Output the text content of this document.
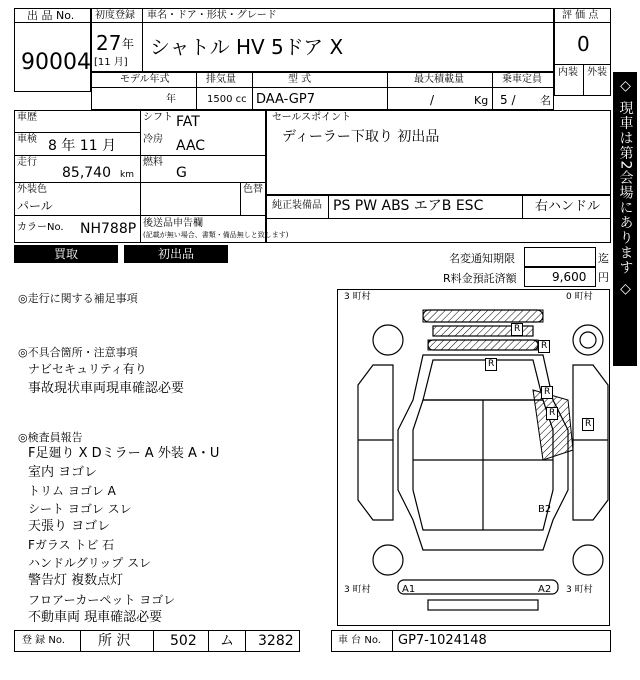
出 品 No.
90004
初度登録 車名・ドア・形状・グレード
27 年
[11 月]
シャトル HV 5ドア X
評 価 点
0
内装 外装
モデル年式	排気量	型 式	最大積載量	乗車定員
年	1500 cc DAA-GP7	/	Kg 5 / 名
車歴	シフト FAT
車検 8 年 11 月	冷房 AAC
走行
85,740 km
燃料
G
外装色
パール
色替
カラーNo. NH788P 後送品申告欄
(記載が無い場合、書類・備品無しと致します)
セールスポイント
ディーラー下取り 初出品
純正装備品 PS PW ABS エアB ESC	右ハンドル
買取	初出品	名変通知期限	迄
R料金預託済額	9,600 円
◎走行に関する補足事項
◎不具合箇所・注意事項
ナビセキュリティ有り
事故現状車両現車確認必要
◎検査員報告
F足廻り X Dミラー A 外装 A・U
室内 ヨゴレ
トリム ヨゴレ A
シート ヨゴレ スレ
天張り ヨゴレ
Fガラス トビ 石
ハンドルグリップ スレ
警告灯 複数点灯
フロアーカーペット ヨゴレ
不動車両 現車確認必要
3 町村	0 町村
3 町村	3 町村
R
R
R
R
R
R
B2
A1	A2
◇ 現車は第2会場にあります ◇
登 録 No. 所 沢	502 ム 3282	車 台 No. GP7-1024148
